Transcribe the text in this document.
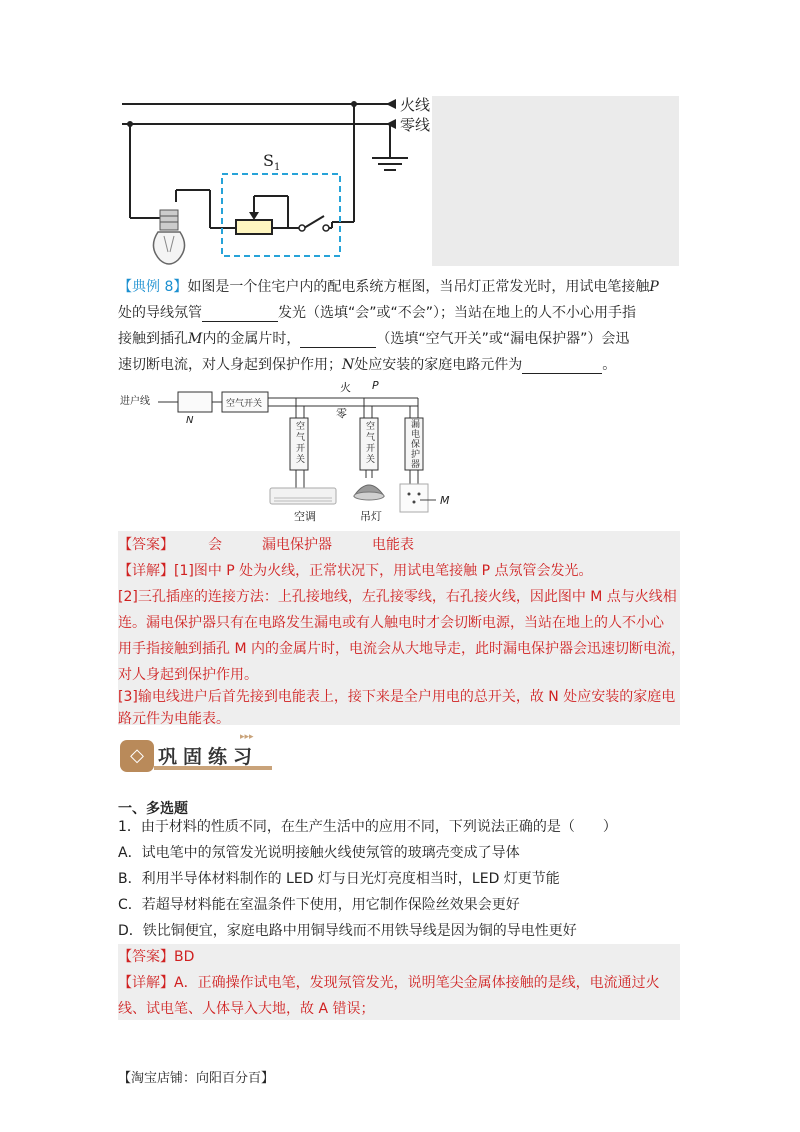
火线
零线
$S_1$
【典例 8】如图是一个住宅户内的配电系统方框图，当吊灯正常发光时，用试电笔接触P
处的导线氖管	发光（选填“会”或“不会”）；当站在地上的人不小心用手指
接触到插孔M内的金属片时，	（选填“空气开关”或“漏电保护器”）会迅
速切断电流，对人身起到保护作用；N处应安装的家庭电路元件为	。
进户线
N
空气开关
火 P
零
空气开关
空气开关
漏电保护器
空调	吊灯
M
【答案】 会	漏电保护器	电能表
【详解】[1]图中 P 处为火线，正常状况下，用试电笔接触 P 点氖管会发光。
[2]三孔插座的连接方法：上孔接地线，左孔接零线，右孔接火线，因此图中 M 点与火线相
连。漏电保护器只有在电路发生漏电或有人触电时才会切断电源，当站在地上的人不小心
用手指接触到插孔 M 内的金属片时，电流会从大地导走，此时漏电保护器会迅速切断电流，
对人身起到保护作用。
[3]输电线进户后首先接到电能表上，接下来是全户用电的总开关，故 N 处应安装的家庭电
路元件为电能表。
◇ 巩固练习
▸▸▸
一、多选题
1．由于材料的性质不同，在生产生活中的应用不同，下列说法正确的是（　　）
A．试电笔中的氖管发光说明接触火线使氖管的玻璃壳变成了导体
B．利用半导体材料制作的 LED 灯与日光灯亮度相当时，LED 灯更节能
C．若超导材料能在室温条件下使用，用它制作保险丝效果会更好
D．铁比铜便宜，家庭电路中用铜导线而不用铁导线是因为铜的导电性更好
【答案】BD
【详解】A．正确操作试电笔，发现氖管发光，说明笔尖金属体接触的是线，电流通过火
线、试电笔、人体导入大地，故 A 错误；
【淘宝店铺：向阳百分百】
